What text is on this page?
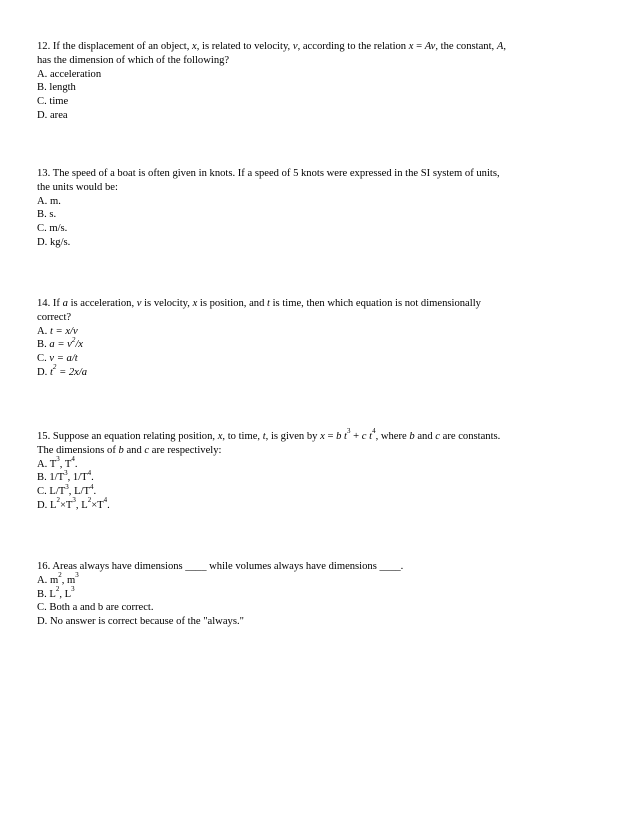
12. If the displacement of an object, x, is related to velocity, v, according to the relation x = Av, the constant, A,

has the dimension of which of the following?

A. acceleration
B. length
C. time
D. area

13. The speed of a boat is often given in knots. If a speed of 5 knots were expressed in the SI system of units,

the units would be:

A. m.
B. s.
C. m/s.
D. kg/s.

14. If a is acceleration, v is velocity, x is position, and t is time, then which equation is not dimensionally

correct?

A. t = x/v
B. $a = v^2/x$
C. v = a/t
D. $t^2 = 2x/a$

15. Suppose an equation relating position, x, to time, t, is given by x = b $t^3 + c$ $t^4$, where b and c are constants.

The dimensions of b and c are respectively:

A. $T^3$, $T^4$.
B. $1/T^3$, $1/T^4$.
C. $L/T^3$, $L/T^4$.
D. $L^2\times T^3$, $L^2\times T^4$.

16. Areas always have dimensions ____ while volumes always have dimensions ____.

A. $m^2$, $m^3$
B. $L^2$, $L^3$
C. Both a and b are correct.
D. No answer is correct because of the "always."
